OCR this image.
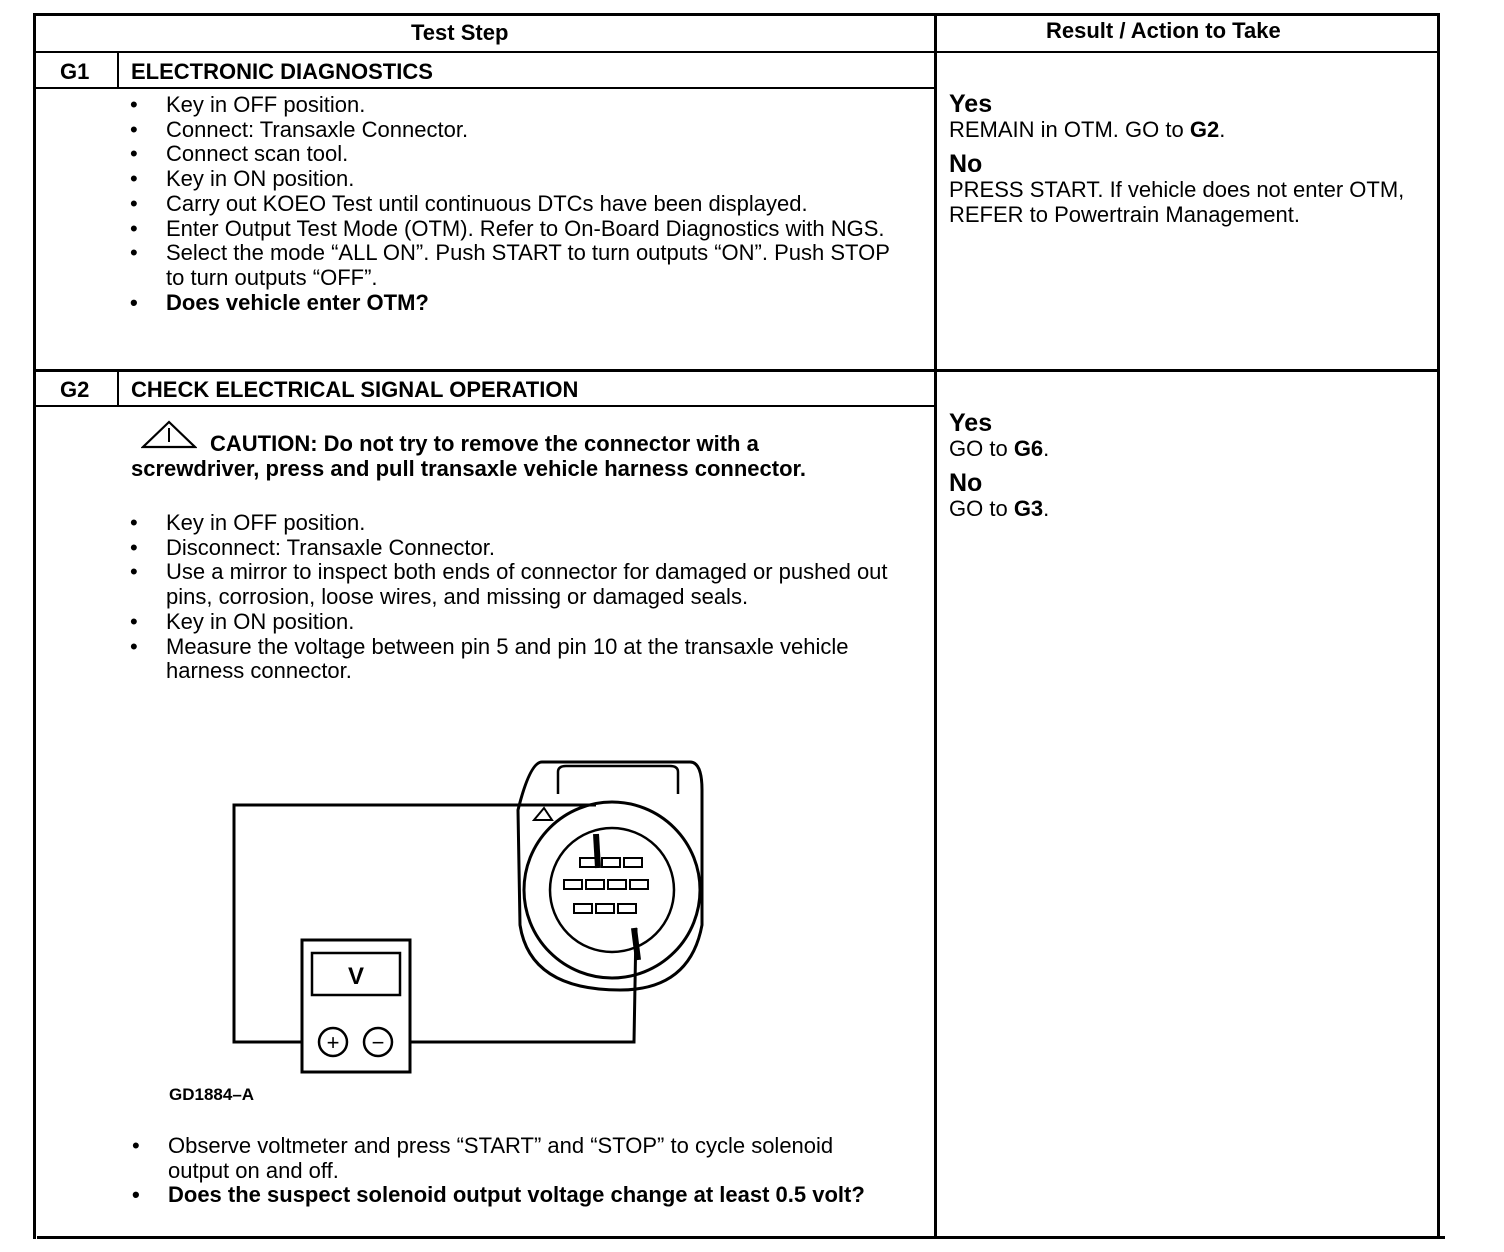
Test Step	Result / Action to Take
G1 ELECTRONIC DIAGNOSTICS
• Key in OFF position.
• Connect: Transaxle Connector.
• Connect scan tool.
• Key in ON position.
• Carry out KOEO Test until continuous DTCs have been displayed.
• Enter Output Test Mode (OTM). Refer to On-Board Diagnostics with NGS.
• Select the mode “ALL ON”. Push START to turn outputs “ON”. Push STOP to turn outputs “OFF”.
• Does vehicle enter OTM?
Yes
REMAIN in OTM. GO to G2.
No
PRESS START. If vehicle does not enter OTM, REFER to Powertrain Management.
G2 CHECK ELECTRICAL SIGNAL OPERATION
CAUTION: Do not try to remove the connector with a screwdriver, press and pull transaxle vehicle harness connector.
• Key in OFF position.
• Disconnect: Transaxle Connector.
• Use a mirror to inspect both ends of connector for damaged or pushed out pins, corrosion, loose wires, and missing or damaged seals.
• Key in ON position.
• Measure the voltage between pin 5 and pin 10 at the transaxle vehicle harness connector.
V
+ −
GD1884–A
• Observe voltmeter and press “START” and “STOP” to cycle solenoid output on and off.
• Does the suspect solenoid output voltage change at least 0.5 volt?
Yes
GO to G6.
No
GO to G3.
